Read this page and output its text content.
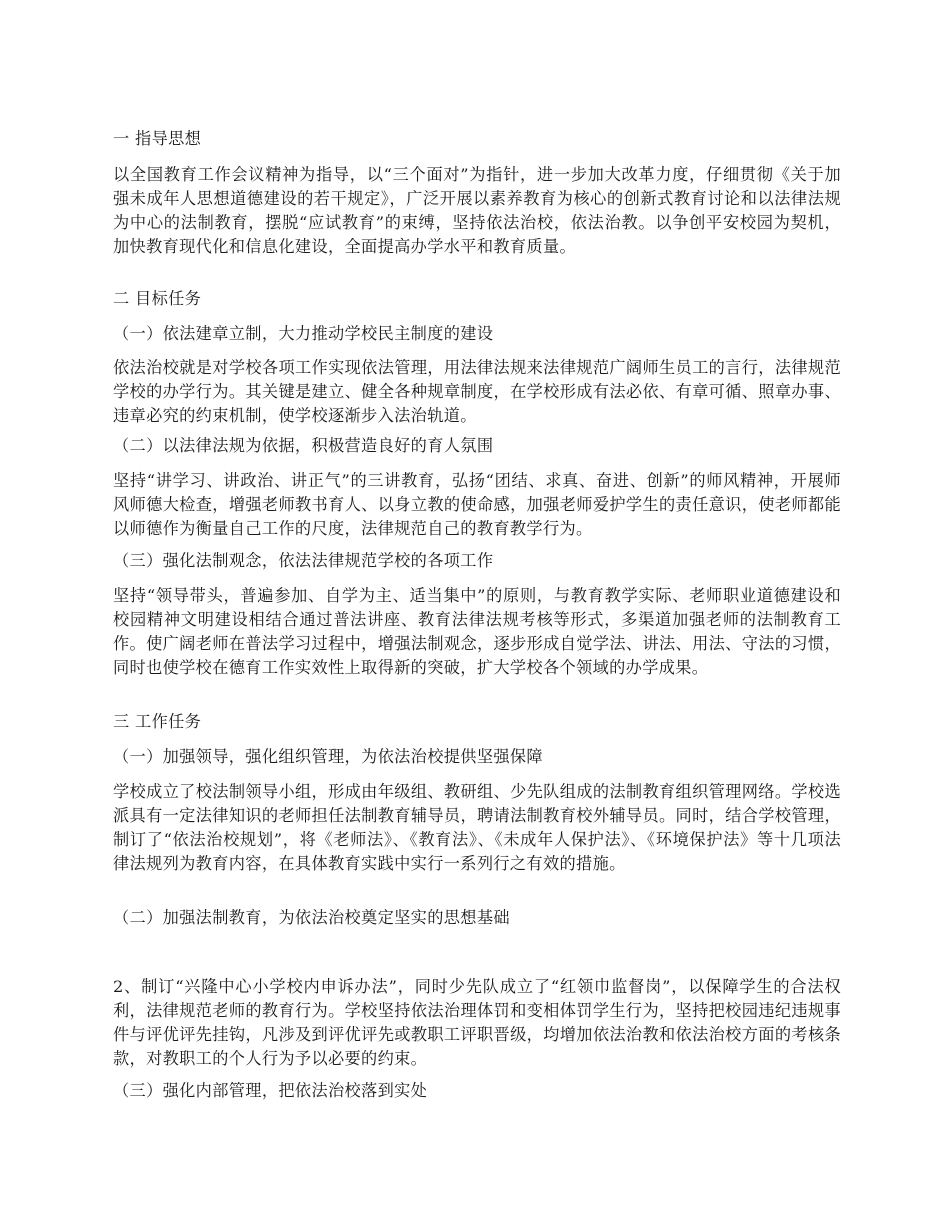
一 指导思想

以全国教育工作会议精神为指导，以“三个面对”为指针，进一步加大改革力度，仔细贯彻《关于加强未成年人思想道德建设的若干规定》，广泛开展以素养教育为核心的创新式教育讨论和以法律法规为中心的法制教育，摆脱“应试教育”的束缚，坚持依法治校，依法治教。以争创平安校园为契机，加快教育现代化和信息化建设，全面提高办学水平和教育质量。

二 目标任务

（一）依法建章立制，大力推动学校民主制度的建设

依法治校就是对学校各项工作实现依法管理，用法律法规来法律规范广阔师生员工的言行，法律规范学校的办学行为。其关键是建立、健全各种规章制度，在学校形成有法必依、有章可循、照章办事、违章必究的约束机制，使学校逐渐步入法治轨道。

（二）以法律法规为依据，积极营造良好的育人氛围

坚持“讲学习、讲政治、讲正气”的三讲教育，弘扬“团结、求真、奋进、创新”的师风精神，开展师风师德大检查，增强老师教书育人、以身立教的使命感，加强老师爱护学生的责任意识，使老师都能以师德作为衡量自己工作的尺度，法律规范自己的教育教学行为。

（三）强化法制观念，依法法律规范学校的各项工作

坚持“领导带头，普遍参加、自学为主、适当集中”的原则，与教育教学实际、老师职业道德建设和校园精神文明建设相结合通过普法讲座、教育法律法规考核等形式，多渠道加强老师的法制教育工作。使广阔老师在普法学习过程中，增强法制观念，逐步形成自觉学法、讲法、用法、守法的习惯，同时也使学校在德育工作实效性上取得新的突破，扩大学校各个领域的办学成果。

三 工作任务

（一）加强领导，强化组织管理，为依法治校提供坚强保障

学校成立了校法制领导小组，形成由年级组、教研组、少先队组成的法制教育组织管理网络。学校选派具有一定法律知识的老师担任法制教育辅导员，聘请法制教育校外辅导员。同时，结合学校管理，制订了“依法治校规划”，将《老师法》、《教育法》、《未成年人保护法》、《环境保护法》等十几项法律法规列为教育内容，在具体教育实践中实行一系列行之有效的措施。

（二）加强法制教育，为依法治校奠定坚实的思想基础

2、制订“兴隆中心小学校内申诉办法”，同时少先队成立了“红领巾监督岗”，以保障学生的合法权利，法律规范老师的教育行为。学校坚持依法治理体罚和变相体罚学生行为，坚持把校园违纪违规事件与评优评先挂钩，凡涉及到评优评先或教职工评职晋级，均增加依法治教和依法治校方面的考核条款，对教职工的个人行为予以必要的约束。

（三）强化内部管理，把依法治校落到实处
